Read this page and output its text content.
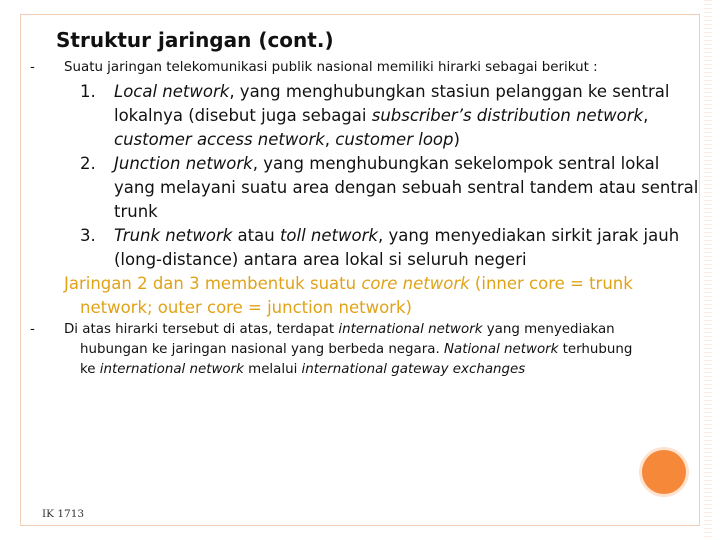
Struktur jaringan (cont.)
- Suatu jaringan telekomunikasi publik nasional memiliki hirarki sebagai berikut :
1. Local network, yang menghubungkan stasiun pelanggan ke sentral
lokalnya (disebut juga sebagai subscriber’s distribution network,
customer access network, customer loop)
2. Junction network, yang menghubungkan sekelompok sentral lokal
yang melayani suatu area dengan sebuah sentral tandem atau sentral
trunk
3. Trunk network atau toll network, yang menyediakan sirkit jarak jauh
(long-distance) antara area lokal si seluruh negeri
Jaringan 2 dan 3 membentuk suatu core network (inner core = trunk
network; outer core = junction network)
- Di atas hirarki tersebut di atas, terdapat international network yang menyediakan
hubungan ke jaringan nasional yang berbeda negara. National network terhubung
ke international network melalui international gateway exchanges
IK 1713
